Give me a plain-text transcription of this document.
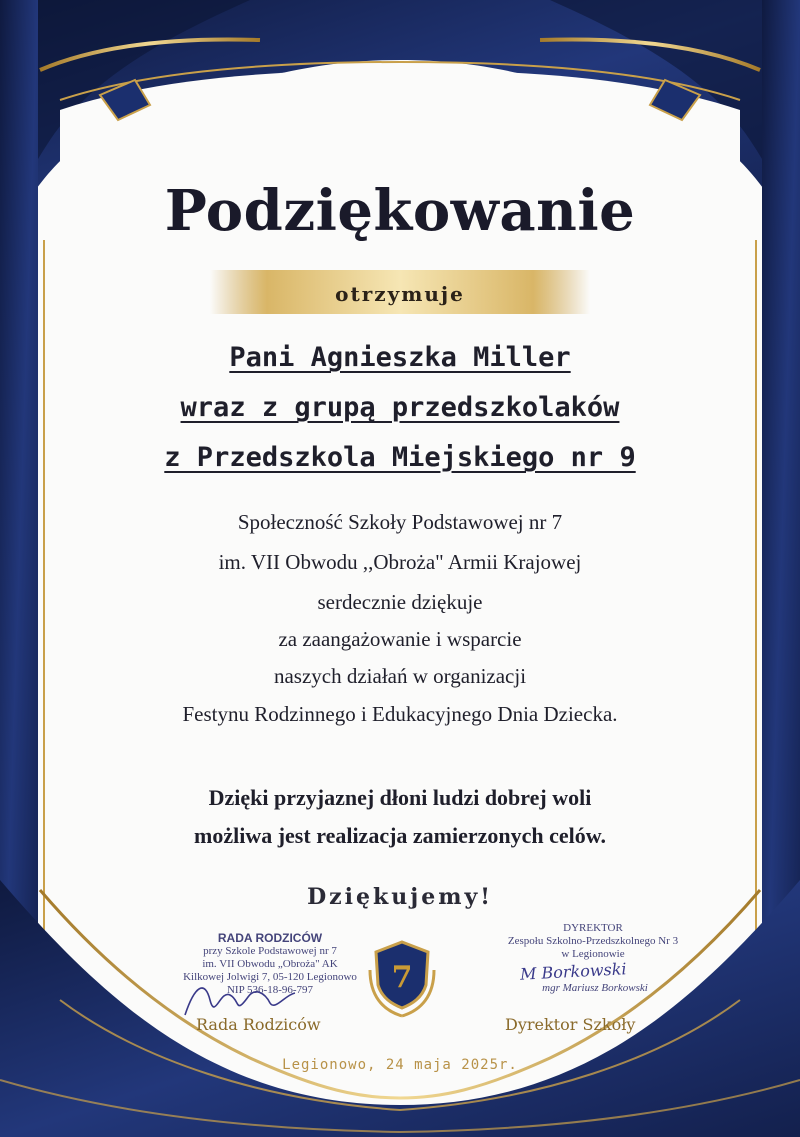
Podziękowanie
otrzymuje
Pani Agnieszka Miller
wraz z grupą przedszkolaków
z Przedszkola Miejskiego nr 9
Społeczność Szkoły Podstawowej nr 7
im. VII Obwodu ,,Obroża" Armii Krajowej
serdecznie dziękuje
za zaangażowanie i wsparcie
naszych działań w organizacji
Festynu Rodzinnego i Edukacyjnego Dnia Dziecka.
Dzięki przyjaznej dłoni ludzi dobrej woli
możliwa jest realizacja zamierzonych celów.
Dziękujemy!
RADA RODZICÓW
przy Szkole Podstawowej nr 7
im. VII Obwodu „Obroża" AK
Kilkowej Jolwigi 7, 05-120 Legionowo
NIP 536-18-96-797
Rada Rodziców
7
DYREKTOR
Zespołu Szkolno-Przedszkolnego Nr 3
w Legionowie
M Borkowski
mgr Mariusz Borkowski
Dyrektor Szkoły
Legionowo, 24 maja 2025r.
